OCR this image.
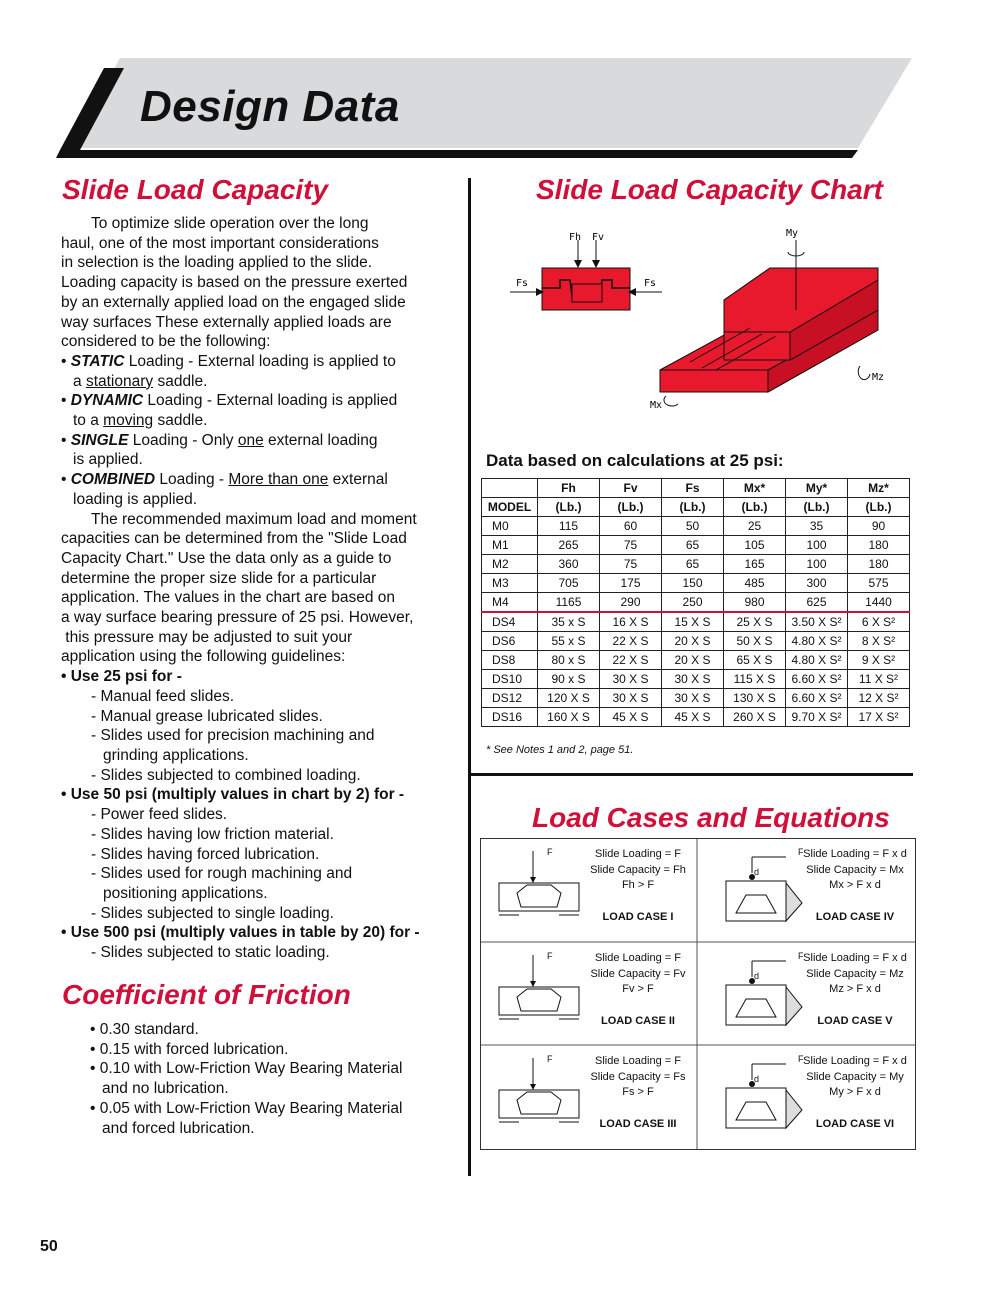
Design Data
Slide Load Capacity
To optimize slide operation over the long
haul, one of the most important considerations
in selection is the loading applied to the slide.
Loading capacity is based on the pressure exerted
by an externally applied load on the engaged slide
way surfaces These externally applied loads are
considered to be the following:
• STATIC Loading - External loading is applied to
a stationary saddle.
• DYNAMIC Loading - External loading is applied
to a moving saddle.
• SINGLE Loading - Only one external loading
is applied.
• COMBINED Loading - More than one external
loading is applied.
The recommended maximum load and moment
capacities can be determined from the "Slide Load
Capacity Chart." Use the data only as a guide to
determine the proper size slide for a particular
application. The values in the chart are based on
a way surface bearing pressure of 25 psi. However,
this pressure may be adjusted to suit your
application using the following guidelines:
• Use 25 psi for -
- Manual feed slides.
- Manual grease lubricated slides.
- Slides used for precision machining and
grinding applications.
- Slides subjected to combined loading.
• Use 50 psi (multiply values in chart by 2) for -
- Power feed slides.
- Slides having low friction material.
- Slides having forced lubrication.
- Slides used for rough machining and
positioning applications.
- Slides subjected to single loading.
• Use 500 psi (multiply values in table by 20) for -
- Slides subjected to static loading.
Coefficient of Friction
• 0.30 standard.
• 0.15 with forced lubrication.
• 0.10 with Low-Friction Way Bearing Material
and no lubrication.
• 0.05 with Low-Friction Way Bearing Material
and forced lubrication.
Slide Load Capacity Chart
Fh Fv
Fs	Fs
My
Mz
Mx
Data based on calculations at 25 psi:
	Fh	Fv	Fs	Mx*	My*	Mz*
MODEL	(Lb.)	(Lb.)	(Lb.)	(Lb.)	(Lb.)	(Lb.)
M0	115	60	50	25	35	90
M1	265	75	65	105	100	180
M2	360	75	65	165	100	180
M3	705	175	150	485	300	575
M4	1165	290	250	980	625	1440
DS4	35 x S	16 X S	15 X S	25 X S	3.50 X S²	6 X S²
DS6	55 x S	22 X S	20 X S	50 X S	4.80 X S²	8 X S²
DS8	80 x S	22 X S	20 X S	65 X S	4.80 X S²	9 X S²
DS10	90 x S	30 X S	30 X S	115 X S	6.60 X S²	11 X S²
DS12	120 X S	30 X S	30 X S	130 X S	6.60 X S²	12 X S²
DS16	160 X S	45 X S	45 X S	260 X S	9.70 X S²	17 X S²
* See Notes 1 and 2, page 51.
Load Cases and Equations
F	Slide Loading = F
Slide Capacity = Fh
Fh > F
LOAD CASE I
F
d
Slide Loading = F x d
Slide Capacity = Mx
Mx > F x d
LOAD CASE IV
F	Slide Loading = F
Slide Capacity = Fv
Fv > F
LOAD CASE II
F
d
Slide Loading = F x d
Slide Capacity = Mz
Mz > F x d
LOAD CASE V
F	Slide Loading = F
Slide Capacity = Fs
Fs > F
LOAD CASE III
F
d
Slide Loading = F x d
Slide Capacity = My
My > F x d
LOAD CASE VI
50
